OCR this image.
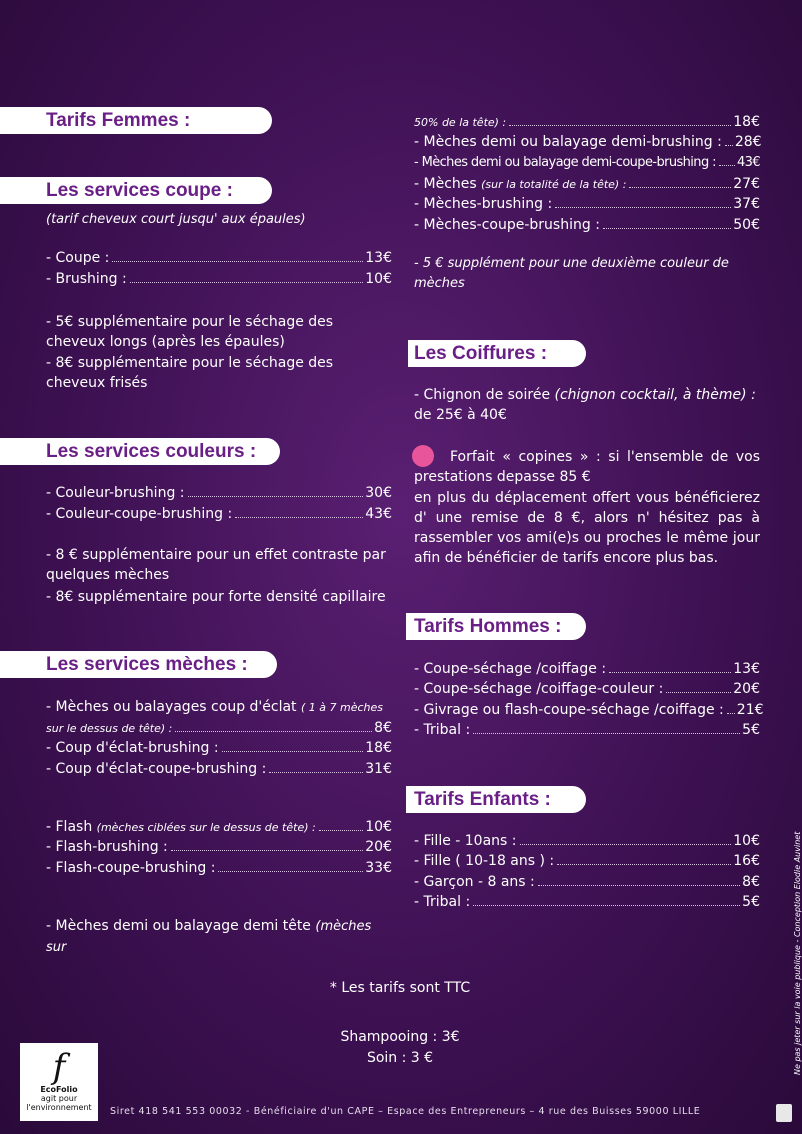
Tarifs Femmes :
Les services coupe :
(tarif cheveux court jusqu' aux épaules)
- Coupe :	13€
- Brushing :	10€
- 5€ supplémentaire pour le séchage des cheveux longs (après les épaules)
- 8€ supplémentaire pour le séchage des cheveux frisés
- Couleur-brushing :	30€
- Couleur-coupe-brushing :	43€
- 8 € supplémentaire pour un effet contraste par quelques mèches
- 8€ supplémentaire pour forte densité capillaire
- Mèches ou balayages coup d'éclat ( 1 à 7 mèches
sur le dessus de tête) :	8€
- Coup d'éclat-brushing :	18€
- Coup d'éclat-coupe-brushing :	31€
- Flash (mèches ciblées sur le dessus de tête) :	10€
- Flash-brushing :	20€
- Flash-coupe-brushing :	33€
- Mèches demi ou balayage demi tête (mèches sur
Les services couleurs :
Les services mèches :
50% de la tête) :	18€
- Mèches demi ou balayage demi-brushing : 28€
- Mèches demi ou balayage demi-coupe-brushing : 43€
- Mèches (sur la totalité de la tête) :	27€
- Mèches-brushing :	37€
- Mèches-coupe-brushing :	50€
- 5 € supplément pour une deuxième couleur de mèches
- Chignon de soirée (chignon cocktail, à thème) :
de 25€ à 40€
Forfait « copines » : si l'ensemble de vos prestations depasse 85 €
en plus du déplacement offert vous bénéficierez d' une remise de 8 €, alors n' hésitez pas à rassembler vos ami(e)s ou proches le même jour afin de bénéficier de tarifs encore plus bas.
- Coupe-séchage /coiffage :	13€
- Coupe-séchage /coiffage-couleur :	20€
- Givrage ou flash-coupe-séchage /coiffage : 21€
- Tribal :	5€
- Fille - 10ans :	10€
- Fille ( 10-18 ans ) :	16€
- Garçon - 8 ans :	8€
- Tribal :	5€
Les Coiffures :
Tarifs Hommes :
Tarifs Enfants :
* Les tarifs sont TTC
Shampooing : 3€
Soin : 3 €
f
EcoFolio
agit pour l'environnement	Siret 418 541 553 00032 - Bénéficiaire d'un CAPE – Espace des Entrepreneurs – 4 rue des Buisses 59000 LILLE
Ne pas jeter sur la voie publique - Conception Elodie Auvinet
